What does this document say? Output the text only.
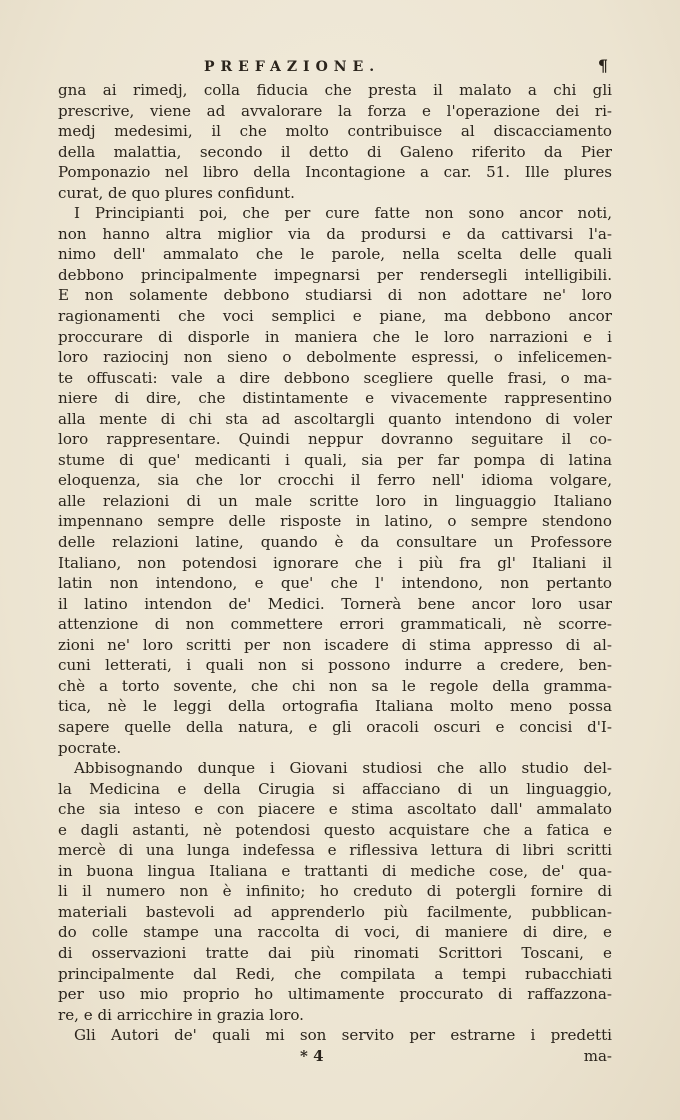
PREFAZIONE.	¶
gna ai rimedj, colla fiducia che presta il malato a chi gli
prescrive, viene ad avvalorare la forza e l'operazione dei ri-
medj medesimi, il che molto contribuisce al discacciamento
della malattia, secondo il detto di Galeno riferito da Pier
Pomponazio nel libro della Incontagione a car. 51. Ille plures
curat, de quo plures confidunt.
I Principianti poi, che per cure fatte non sono ancor noti,
non hanno altra miglior via da prodursi e da cattivarsi l'a-
nimo dell' ammalato che le parole, nella scelta delle quali
debbono principalmente impegnarsi per rendersegli intelligibili.
E non solamente debbono studiarsi di non adottare ne' loro
ragionamenti che voci semplici e piane, ma debbono ancor
proccurare di disporle in maniera che le loro narrazioni e i
loro raziocinj non sieno o debolmente espressi, o infelicemen-
te offuscati: vale a dire debbono scegliere quelle frasi, o ma-
niere di dire, che distintamente e vivacemente rappresentino
alla mente di chi sta ad ascoltargli quanto intendono di voler
loro rappresentare. Quindi neppur dovranno seguitare il co-
stume di que' medicanti i quali, sia per far pompa di latina
eloquenza, sia che lor crocchi il ferro nell' idioma volgare,
alle relazioni di un male scritte loro in linguaggio Italiano
impennano sempre delle risposte in latino, o sempre stendono
delle relazioni latine, quando è da consultare un Professore
Italiano, non potendosi ignorare che i più fra gl' Italiani il
latin non intendono, e que' che l' intendono, non pertanto
il latino intendon de' Medici. Tornerà bene ancor loro usar
attenzione di non commettere errori grammaticali, nè scorre-
zioni ne' loro scritti per non iscadere di stima appresso di al-
cuni letterati, i quali non si possono indurre a credere, ben-
chè a torto sovente, che chi non sa le regole della gramma-
tica, nè le leggi della ortografia Italiana molto meno possa
sapere quelle della natura, e gli oracoli oscuri e concisi d'I-
pocrate.
Abbisognando dunque i Giovani studiosi che allo studio del-
la Medicina e della Cirugia si affacciano di un linguaggio,
che sia inteso e con piacere e stima ascoltato dall' ammalato
e dagli astanti, nè potendosi questo acquistare che a fatica e
mercè di una lunga indefessa e riflessiva lettura di libri scritti
in buona lingua Italiana e trattanti di mediche cose, de' qua-
li il numero non è infinito; ho creduto di potergli fornire di
materiali bastevoli ad apprenderlo più facilmente, pubblican-
do colle stampe una raccolta di voci, di maniere di dire, e
di osservazioni tratte dai più rinomati Scrittori Toscani, e
principalmente dal Redi, che compilata a tempi rubacchiati
per uso mio proprio ho ultimamente proccurato di raffazzona-
re, e di arricchire in grazia loro.
Gli Autori de' quali mi son servito per estrarne i predetti
* 4	ma-
